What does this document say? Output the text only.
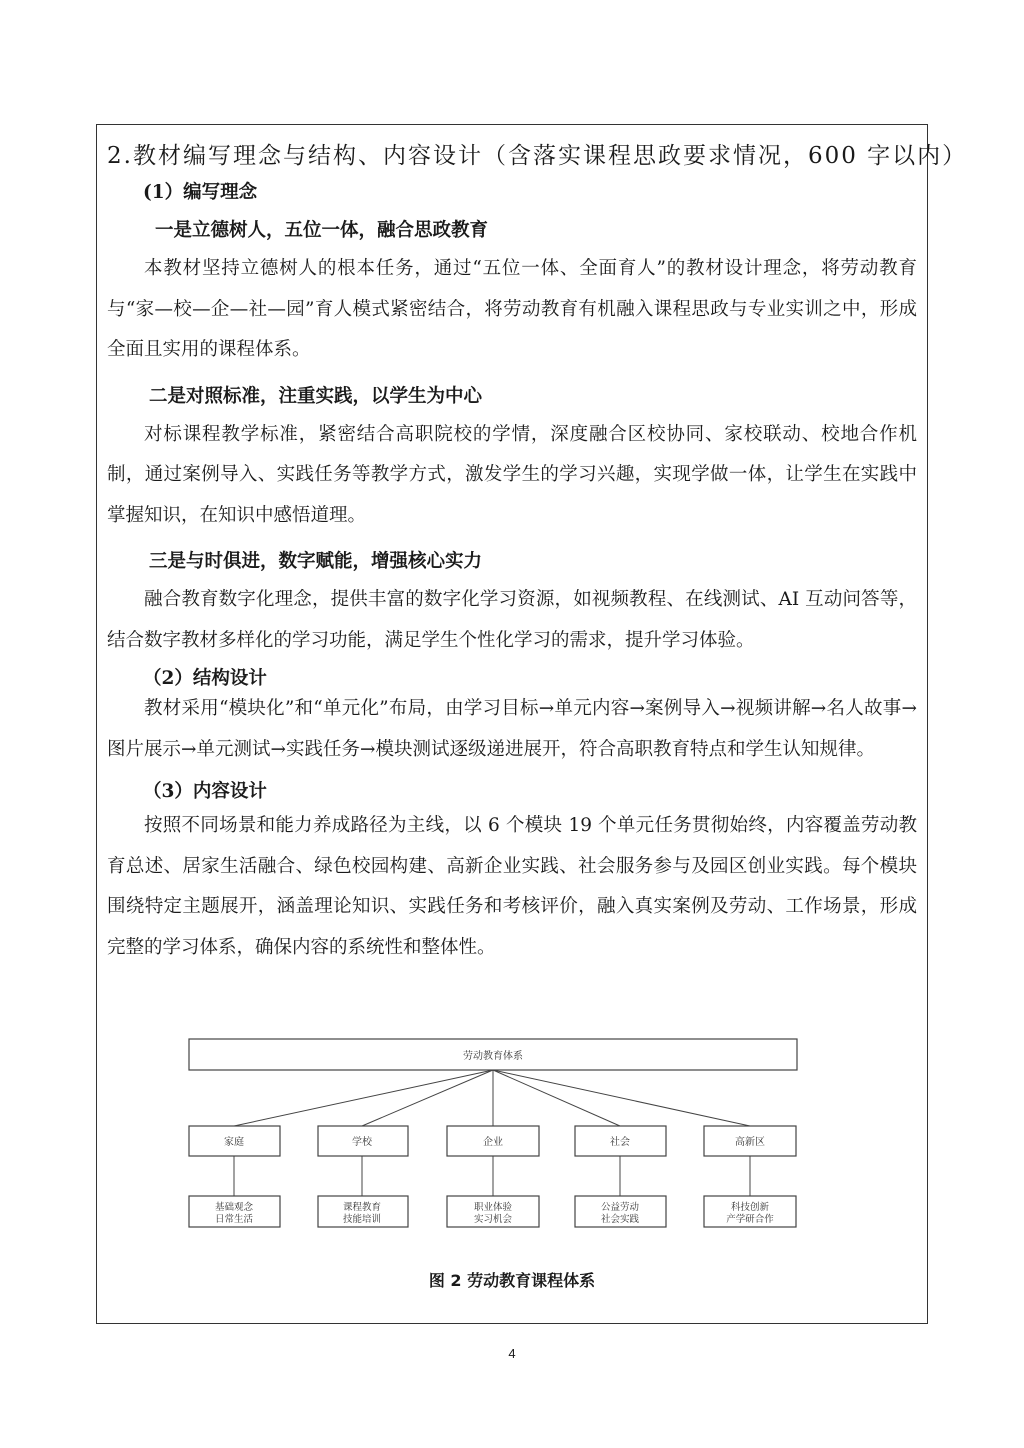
2.教材编写理念与结构、内容设计（含落实课程思政要求情况，600 字以内）

(1）编写理念

一是立德树人，五位一体，融合思政教育

本教材坚持立德树人的根本任务，通过“五位一体、全面育人”的教材设计理念，将劳动教育与“家—校—企—社—园”育人模式紧密结合，将劳动教育有机融入课程思政与专业实训之中，形成全面且实用的课程体系。

二是对照标准，注重实践，以学生为中心

对标课程教学标准，紧密结合高职院校的学情，深度融合区校协同、家校联动、校地合作机制，通过案例导入、实践任务等教学方式，激发学生的学习兴趣，实现学做一体，让学生在实践中掌握知识，在知识中感悟道理。

三是与时俱进，数字赋能，增强核心实力

融合教育数字化理念，提供丰富的数字化学习资源，如视频教程、在线测试、AI 互动问答等，结合数字教材多样化的学习功能，满足学生个性化学习的需求，提升学习体验。

（2）结构设计

教材采用“模块化”和“单元化”布局，由学习目标→单元内容→案例导入→视频讲解→名人故事→图片展示→单元测试→实践任务→模块测试逐级递进展开，符合高职教育特点和学生认知规律。

（3）内容设计

按照不同场景和能力养成路径为主线，以 6 个模块 19 个单元任务贯彻始终，内容覆盖劳动教育总述、居家生活融合、绿色校园构建、高新企业实践、社会服务参与及园区创业实践。每个模块围绕特定主题展开，涵盖理论知识、实践任务和考核评价，融入真实案例及劳动、工作场景，形成完整的学习体系，确保内容的系统性和整体性。

劳动教育体系
家庭
基础观念
日常生活
学校
课程教育
技能培训
企业
职业体验
实习机会
社会
公益劳动
社会实践
高新区
科技创新
产学研合作
图 2 劳动教育课程体系
4
